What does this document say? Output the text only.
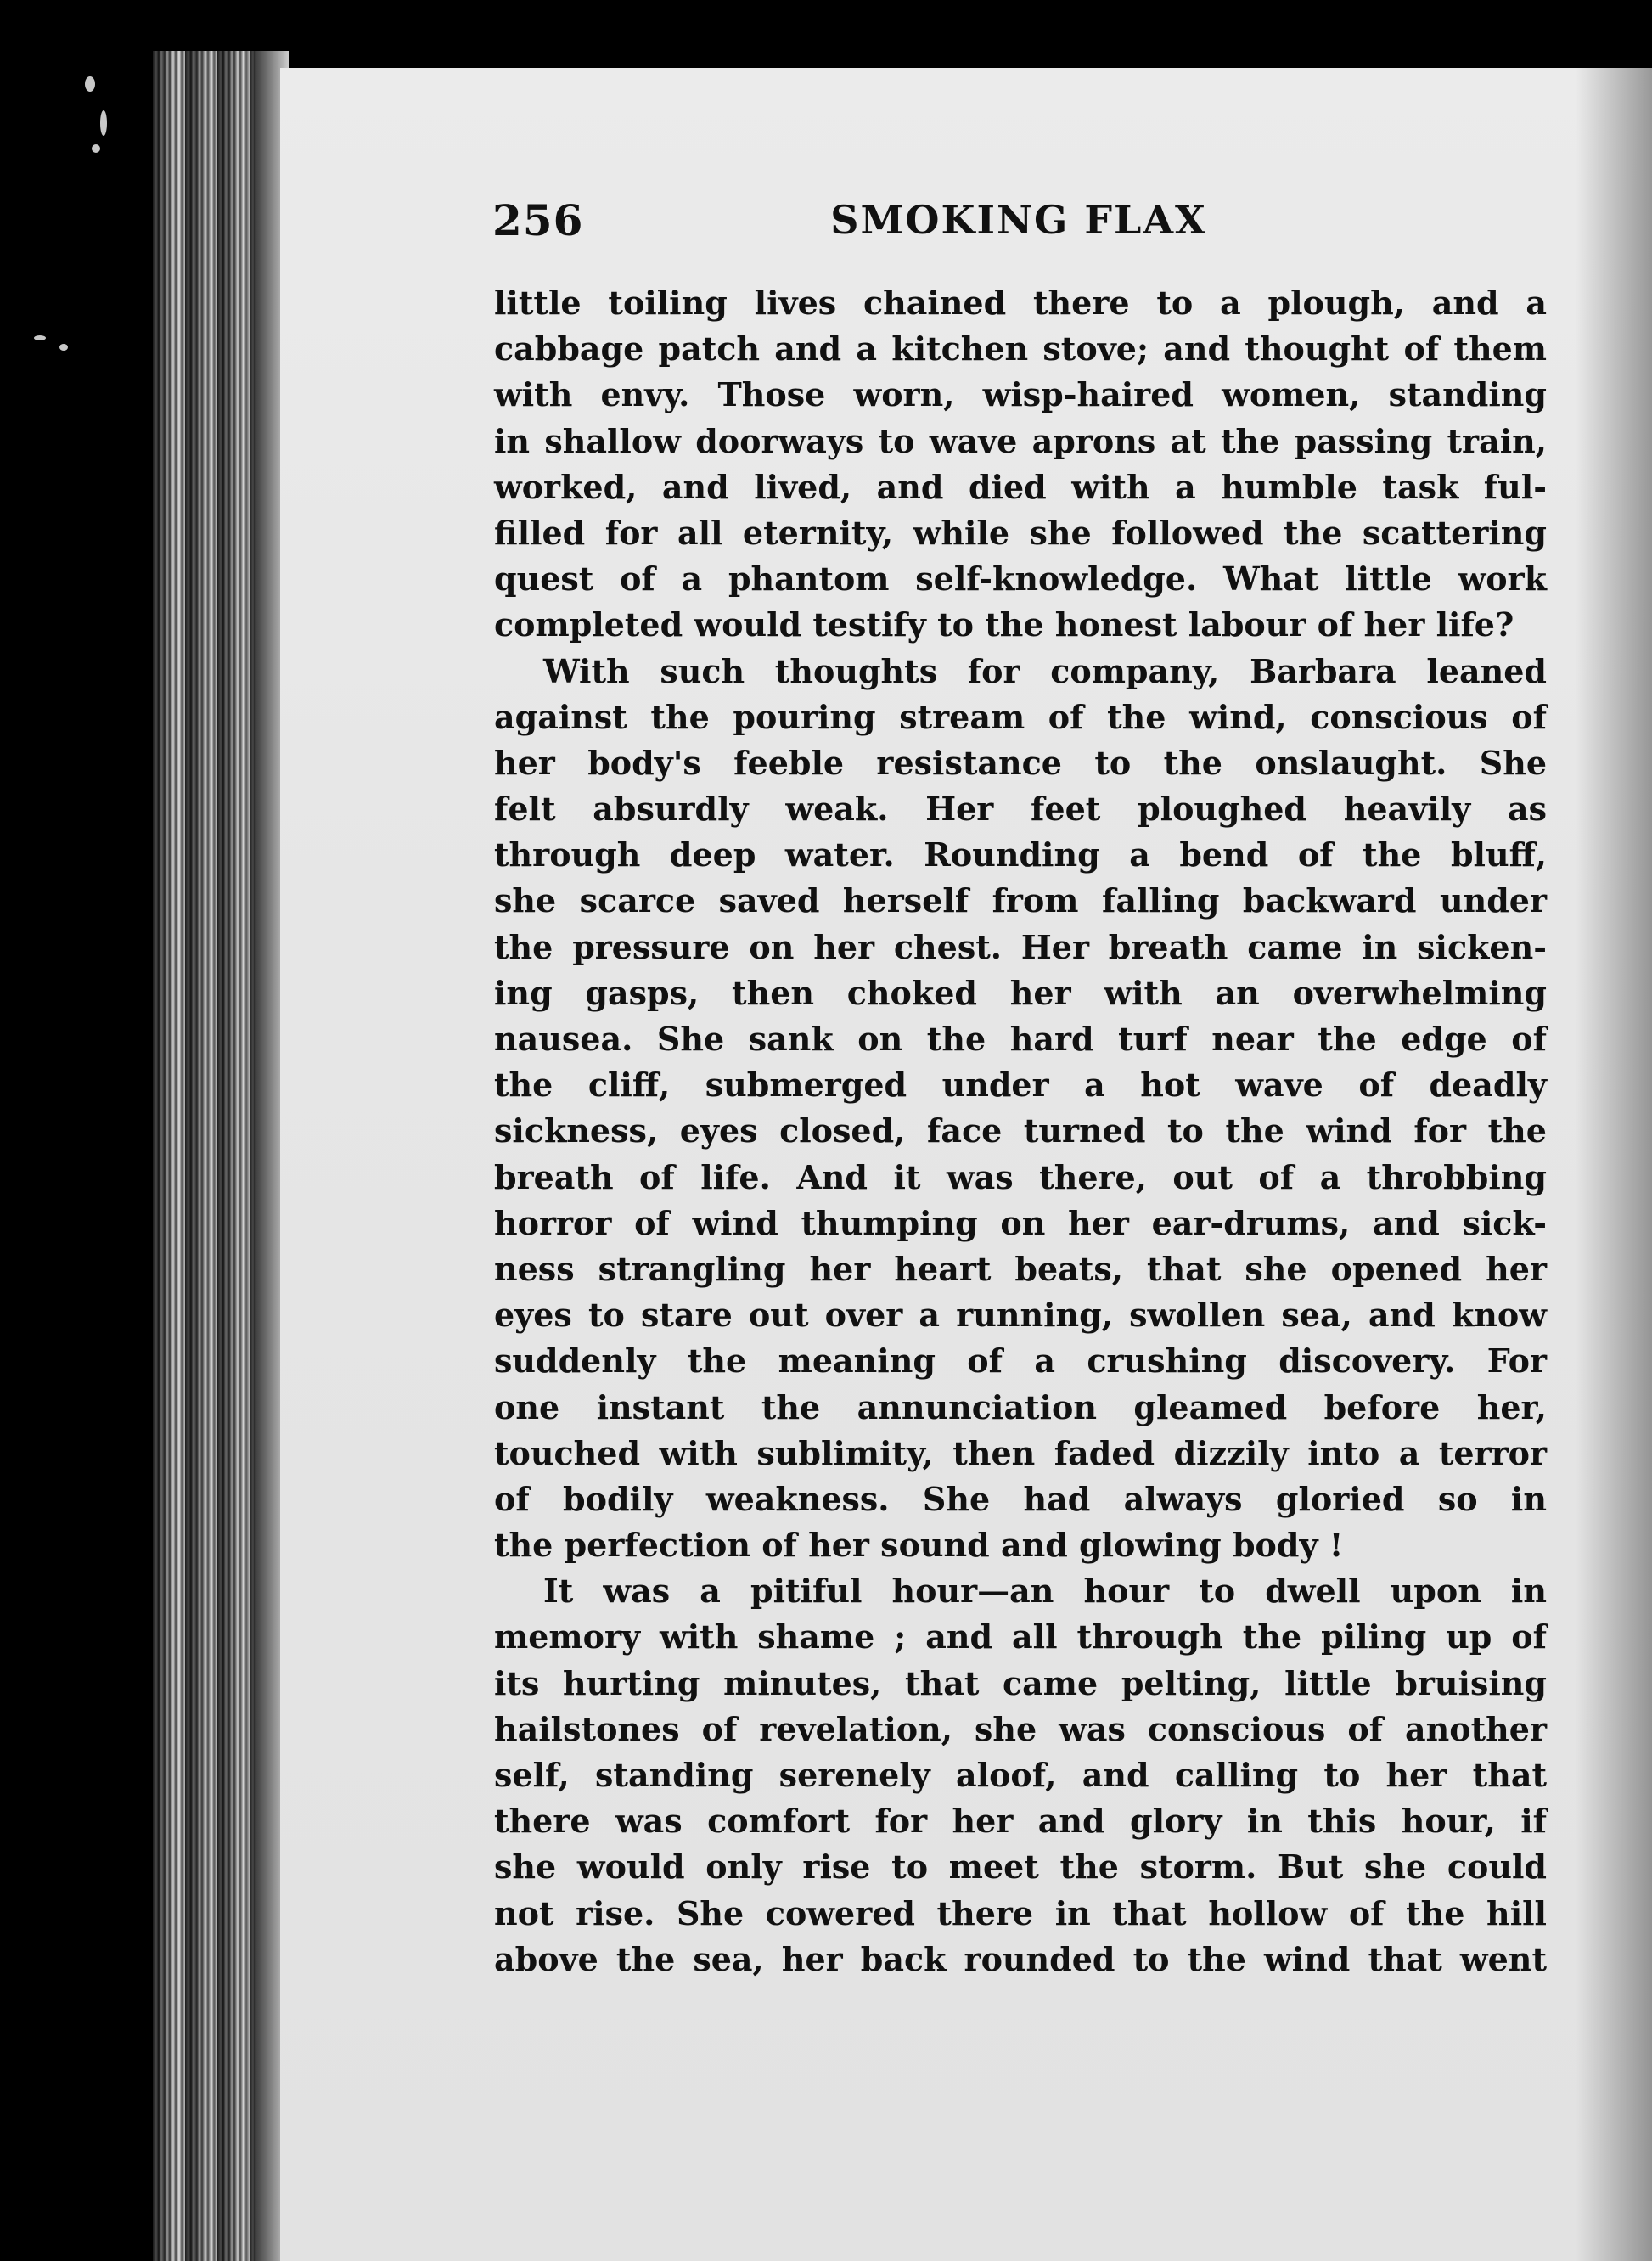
256	SMOKING FLAX
little toiling lives chained there to a plough, and a
cabbage patch and a kitchen stove; and thought of them
with envy. Those worn, wisp-haired women, standing
in shallow doorways to wave aprons at the passing train,
worked, and lived, and died with a humble task ful-
filled for all eternity, while she followed the scattering
quest of a phantom self-knowledge. What little work
completed would testify to the honest labour of her life?
With such thoughts for company, Barbara leaned
against the pouring stream of the wind, conscious of
her body's feeble resistance to the onslaught. She
felt absurdly weak. Her feet ploughed heavily as
through deep water. Rounding a bend of the bluff,
she scarce saved herself from falling backward under
the pressure on her chest. Her breath came in sicken-
ing gasps, then choked her with an overwhelming
nausea. She sank on the hard turf near the edge of
the cliff, submerged under a hot wave of deadly
sickness, eyes closed, face turned to the wind for the
breath of life. And it was there, out of a throbbing
horror of wind thumping on her ear-drums, and sick-
ness strangling her heart beats, that she opened her
eyes to stare out over a running, swollen sea, and know
suddenly the meaning of a crushing discovery. For
one instant the annunciation gleamed before her,
touched with sublimity, then faded dizzily into a terror
of bodily weakness. She had always gloried so in
the perfection of her sound and glowing body !
It was a pitiful hour—an hour to dwell upon in
memory with shame ; and all through the piling up of
its hurting minutes, that came pelting, little bruising
hailstones of revelation, she was conscious of another
self, standing serenely aloof, and calling to her that
there was comfort for her and glory in this hour, if
she would only rise to meet the storm. But she could
not rise. She cowered there in that hollow of the hill
above the sea, her back rounded to the wind that went
